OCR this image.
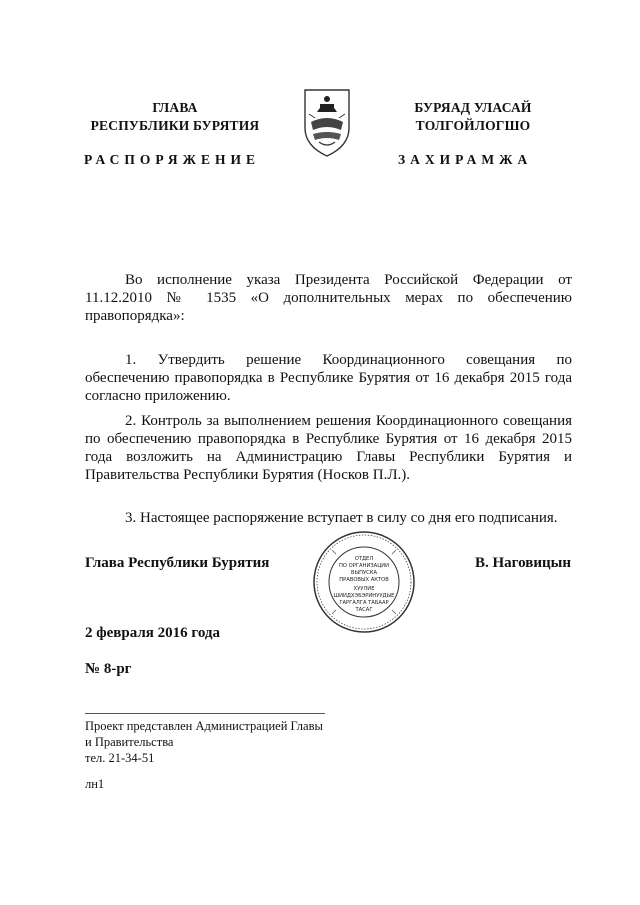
ГЛАВА
РЕСПУБЛИКИ БУРЯТИЯ
БУРЯАД УЛАСАЙ
ТОЛГОЙЛОГШО
РАСПОРЯЖЕНИЕ	ЗАХИРАМЖА
Во исполнение указа Президента Российской Федерации от 11.12.2010 № 1535 «О дополнительных мерах по обеспечению правопорядка»:
1. Утвердить решение Координационного совещания по обеспечению правопорядка в Республике Бурятия от 16 декабря 2015 года согласно приложению.
2. Контроль за выполнением решения Координационного совещания по обеспечению правопорядка в Республике Бурятия от 16 декабря 2015 года возложить на Администрацию Главы Республики Бурятия и Правительства Республики Бурятия (Носков П.Л.).
3. Настоящее распоряжение вступает в силу со дня его подписания.
Глава Республики Бурятия	ОТДЕЛ
ПО ОРГАНИЗАЦИИ
ВЫПУСКА
ПРАВОВЫХ АКТОВ
ХУУЛИЕ
ШИИДХЭБЭРИНУУДЫЕ
ГАРГАЛГА ТАБААР
ТАСАГ
В. Наговицын
2 февраля 2016 года
№ 8-рг
Проект представлен Администрацией Главы
и Правительства
тел. 21-34-51
лн1
